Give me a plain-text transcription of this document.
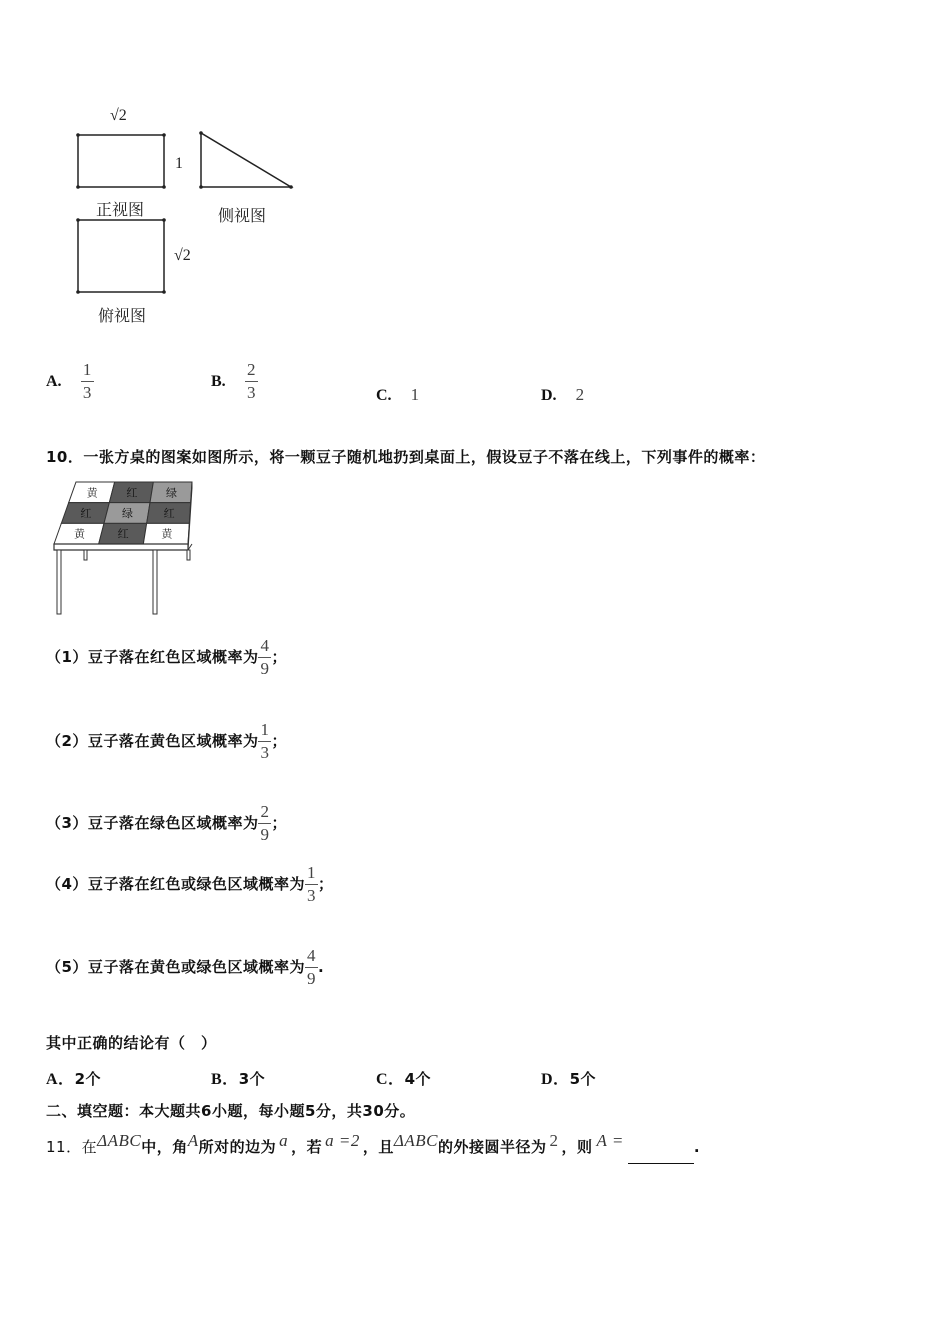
√2
1
正视图	侧视图
√2
俯视图
A. $\frac{1}{3}$	B. $\frac{2}{3}$	C. 1	D. 2
10．一张方桌的图案如图所示，将一颗豆子随机地扔到桌面上，假设豆子不落在线上，下列事件的概率：
黄	红	绿
红	绿	红
黄	红	黄
（1）豆子落在红色区域概率为 $\frac{4}{9}$ ；
（2）豆子落在黄色区域概率为 $\frac{1}{3}$ ；
（3）豆子落在绿色区域概率为 $\frac{2}{9}$ ；
（4）豆子落在红色或绿色区域概率为 $\frac{1}{3}$ ；
（5）豆子落在黄色或绿色区域概率为 $\frac{4}{9}$ .
其中正确的结论有（　）
A．2个	B．3个	C．4个	D．5个
二、填空题：本大题共6小题，每小题5分，共30分。
11．在ΔABC中，角A所对的边为 a ，若 a =2 ，且ΔABC的外接圆半径为 2 ，则 A =	.
